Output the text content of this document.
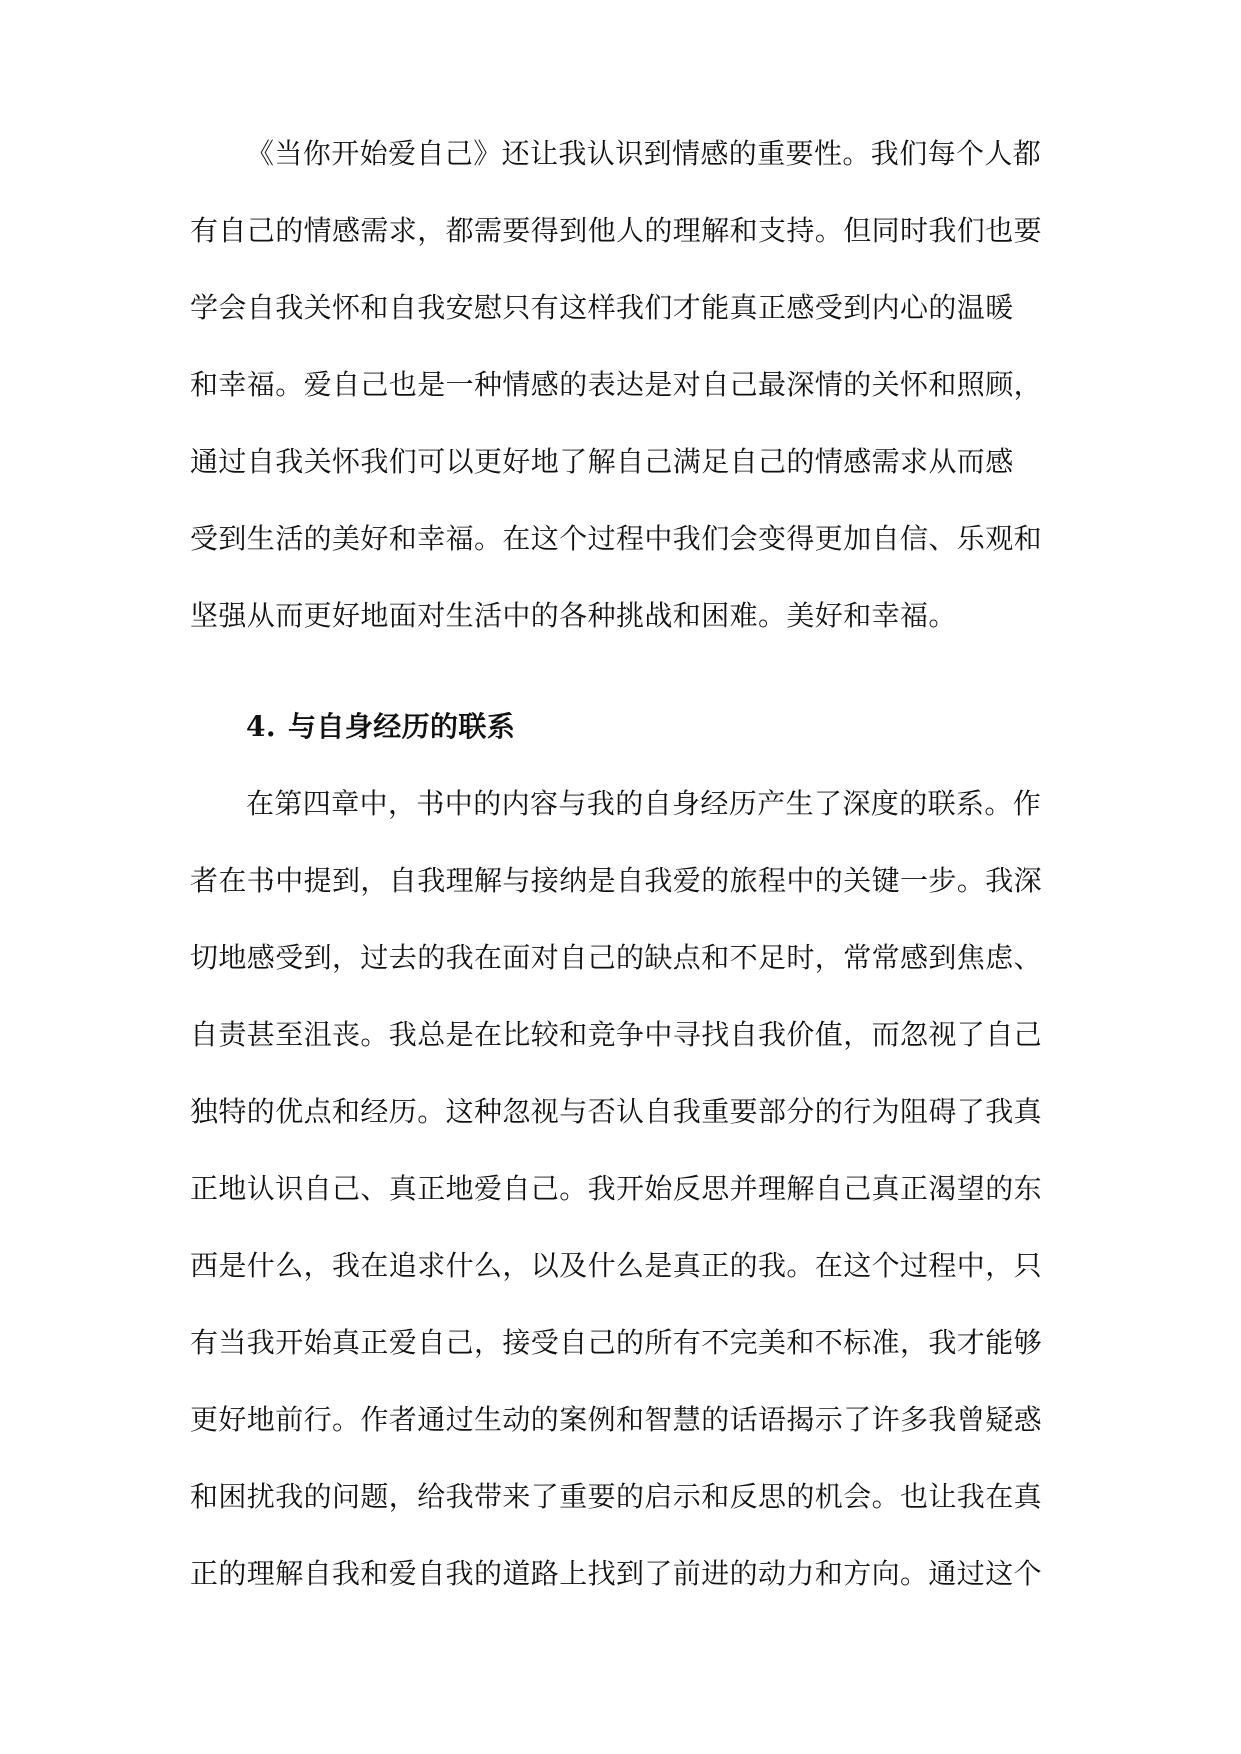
《当你开始爱自己》还让我认识到情感的重要性。我们每个人都
有自己的情感需求，都需要得到他人的理解和支持。但同时我们也要
学会自我关怀和自我安慰只有这样我们才能真正感受到内心的温暖
和幸福。爱自己也是一种情感的表达是对自己最深情的关怀和照顾，
通过自我关怀我们可以更好地了解自己满足自己的情感需求从而感
受到生活的美好和幸福。在这个过程中我们会变得更加自信、乐观和
坚强从而更好地面对生活中的各种挑战和困难。美好和幸福。
4. 与自身经历的联系
在第四章中，书中的内容与我的自身经历产生了深度的联系。作
者在书中提到，自我理解与接纳是自我爱的旅程中的关键一步。我深
切地感受到，过去的我在面对自己的缺点和不足时，常常感到焦虑、
自责甚至沮丧。我总是在比较和竞争中寻找自我价值，而忽视了自己
独特的优点和经历。这种忽视与否认自我重要部分的行为阻碍了我真
正地认识自己、真正地爱自己。我开始反思并理解自己真正渴望的东
西是什么，我在追求什么，以及什么是真正的我。在这个过程中，只
有当我开始真正爱自己，接受自己的所有不完美和不标准，我才能够
更好地前行。作者通过生动的案例和智慧的话语揭示了许多我曾疑惑
和困扰我的问题，给我带来了重要的启示和反思的机会。也让我在真
正的理解自我和爱自我的道路上找到了前进的动力和方向。通过这个
